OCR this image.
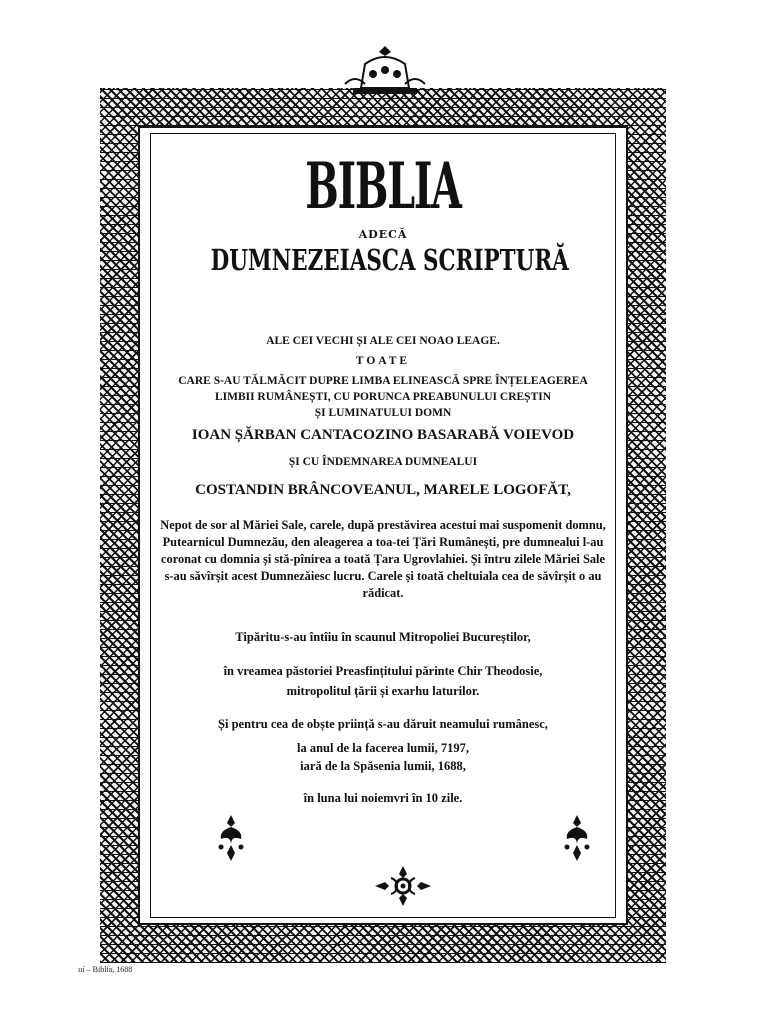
BIBLIA
ADECĂ
DUMNEZEIASCA SCRIPTURĂ
ALE CEI VECHI ȘI ALE CEI NOAO LEAGE.
TOATE
CARE S-AU TĂLMĂCIT DUPRE LIMBA ELINEASCĂ SPRE ÎNȚELEAGEREA
LIMBII RUMÂNEȘTI, CU PORUNCA PREABUNULUI CREȘTIN
ȘI LUMINATULUI DOMN
IOAN ȘĂRBAN CANTACOZINO BASARABĂ VOIEVOD
ȘI CU ÎNDEMNAREA DUMNEALUI
COSTANDIN BRÂNCOVEANUL, MARELE LOGOFĂT,
Nepot de sor al Măriei Sale, carele, după prestăvirea acestui mai suspomenit domnu, Putearnicul Dumnezău, den aleagerea a toa-tei Țări Rumânești, pre dumnealui l-au coronat cu domnia și stă-pînirea a toată Țara Ugrovlahiei. Și întru zilele Măriei Sale s-au săvîrșit acest Dumnezăiesc lucru. Carele și toată cheltuiala cea de săvîrșit o au rădicat.
Tipăritu-s-au întîiu în scaunul Mitropoliei Bucureștilor,
în vreamea păstoriei Preasfințitului părinte Chir Theodosie,
mitropolitul țării și exarhu laturilor.
Și pentru cea de obște priință s-au dăruit neamului rumânesc,
la anul de la facerea lumii, 7197,
iară de la Spăsenia lumii, 1688,
în luna lui noiemvri în 10 zile.
ııí – Biblia, 1688
